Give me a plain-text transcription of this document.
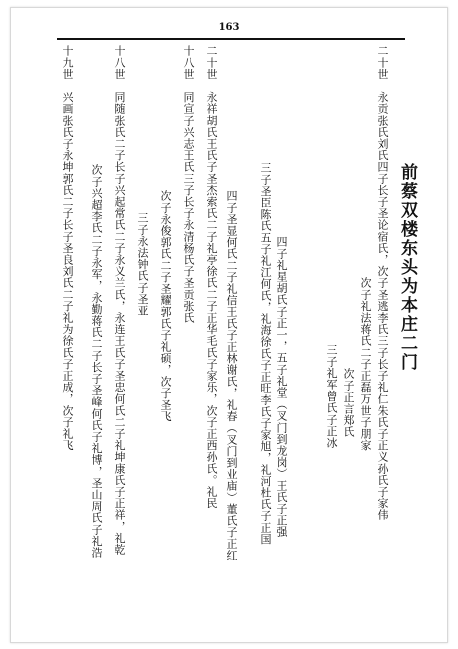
163
前蔡双楼东头为本庄二门
二十世　永贡张氏刘氏四子长子圣论宿氏，次子圣逃李氏三子长子礼仁朱氏子正义孙氏子家伟
次子礼法蒋氏二子正磊万世子朋家
次子正言郑氏
三子礼军曾氏子正冰
四子礼星胡氏子正一，五子礼堂（叉门到龙岗）王氏子正强
三子圣臣陈氏五子礼江何氏，礼海徐氏子正旺李氏子家旭，礼河杜氏子正国
四子圣显何氏二子礼信王氏子正林谢氏，礼春（叉门到业庙）董氏子正红
二十世　永祥胡氏王氏子圣杰索氏二子礼亭徐氏二子正华毛氏子家乐，次子正西孙氏。礼民
十八世　同宣子兴志王氏三子长子永清杨氏子圣贡张氏
次子永俊郭氏二子圣耀郭氏子礼硕，次子圣飞
三子永法钟氏子圣亚
十八世　同随张氏二子长子兴起常氏二子永义兰氏，永连王氏子圣忠何氏二子礼坤康氏子正祥，礼乾
次子兴超李氏二子永军，永勤蒋氏二子长子圣峰何氏子礼博，圣山周氏子礼浩
十九世　兴画张氏子永坤郭氏二子长子圣良刘氏二子礼为徐氏子正成，次子礼飞
